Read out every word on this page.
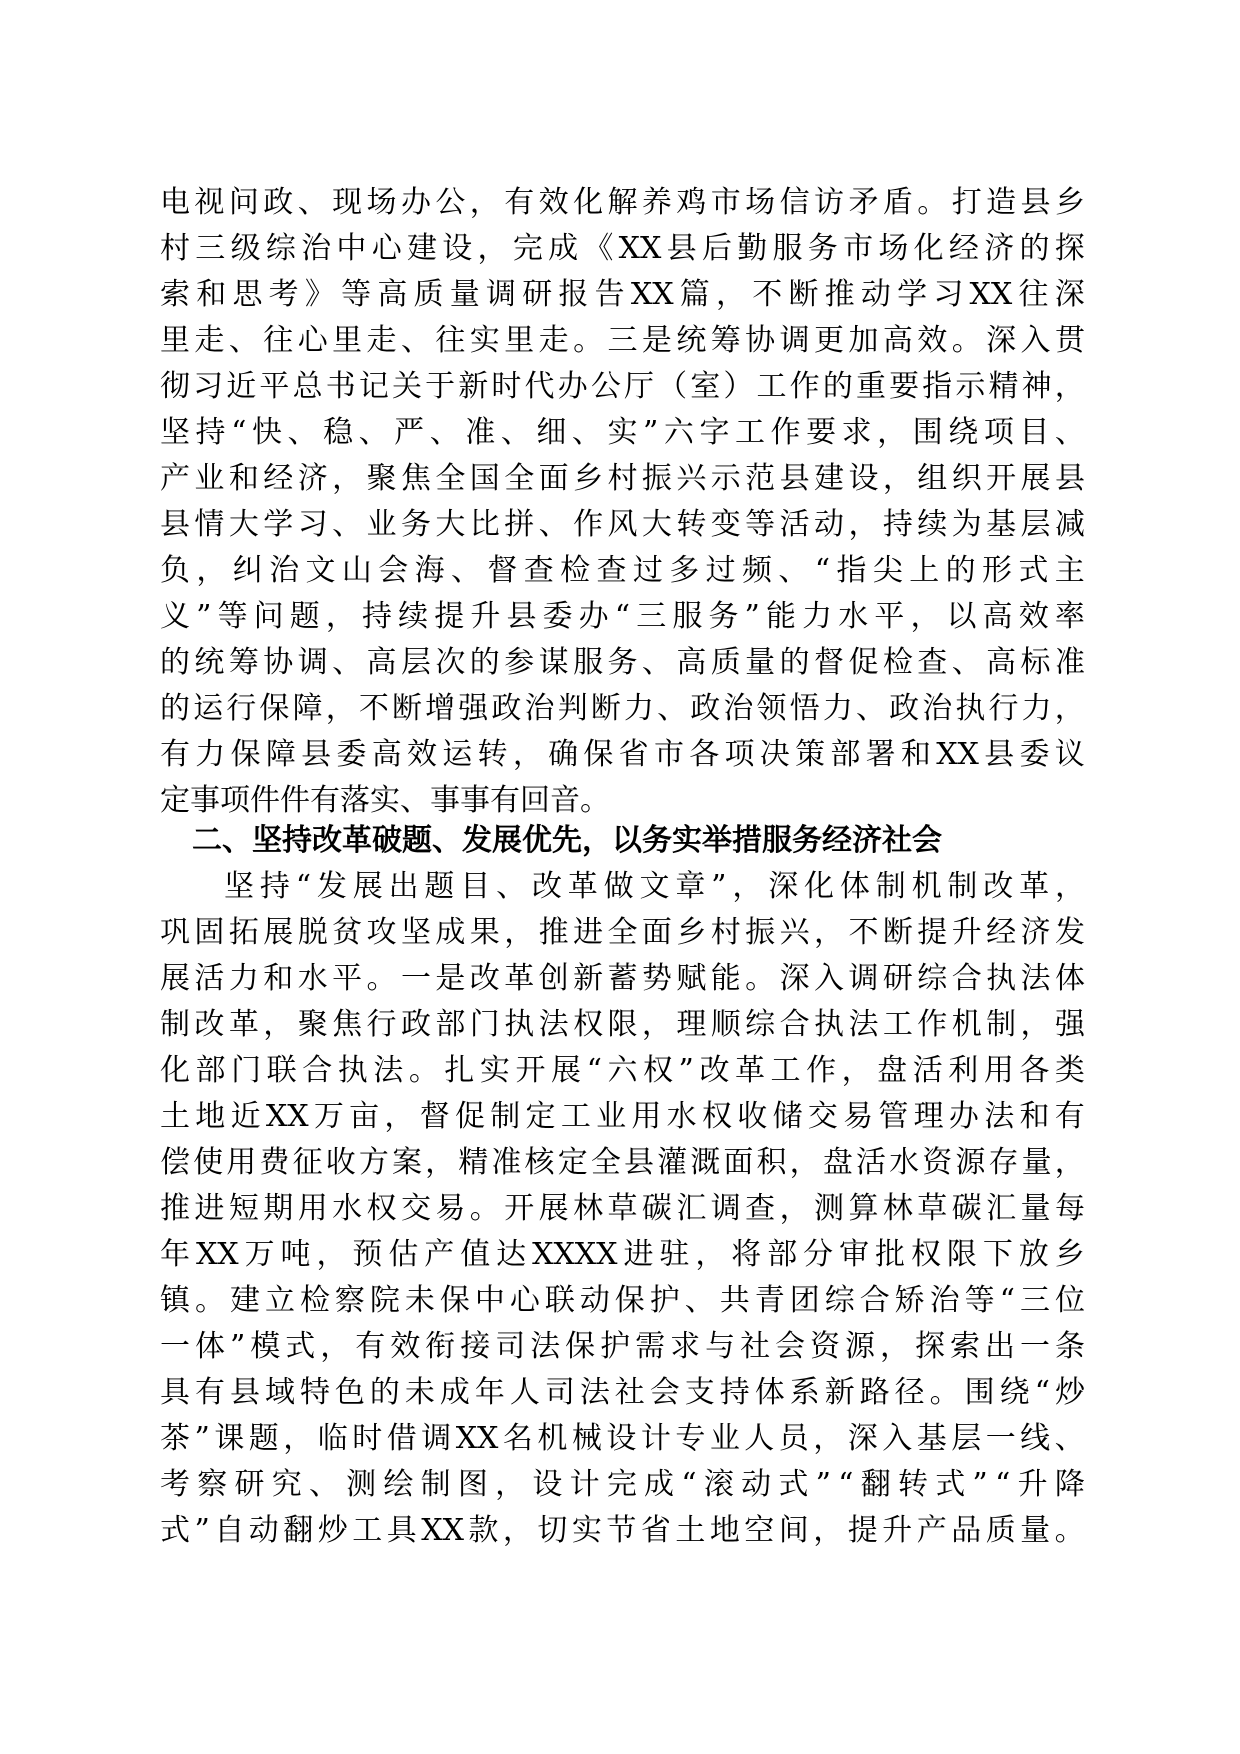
电 视 问 政 、 现 场 办 公 ， 有 效 化 解 养 鸡 市 场 信 访 矛 盾 。 打 造 县 乡
村 三 级 综 治 中 心 建 设 ， 完 成 《 XX 县 后 勤 服 务 市 场 化 经 济 的 探
索 和 思 考 》 等 高 质 量 调 研 报 告 XX 篇 ， 不 断 推 动 学 习 XX 往 深
里 走 、 往 心 里 走 、 往 实 里 走 。 三 是 统 筹 协 调 更 加 高 效 。 深 入 贯
彻 习 近 平 总 书 记 关 于 新 时 代 办 公 厅 （ 室 ） 工 作 的 重 要 指 示 精 神 ，
坚 持 “ 快 、 稳 、 严 、 准 、 细 、 实 ” 六 字 工 作 要 求 ， 围 绕 项 目 、
产 业 和 经 济 ， 聚 焦 全 国 全 面 乡 村 振 兴 示 范 县 建 设 ， 组 织 开 展 县
县 情 大 学 习 、 业 务 大 比 拼 、 作 风 大 转 变 等 活 动 ， 持 续 为 基 层 减
负 ， 纠 治 文 山 会 海 、 督 查 检 查 过 多 过 频 、 “ 指 尖 上 的 形 式 主
义 ” 等 问 题 ， 持 续 提 升 县 委 办 “ 三 服 务 ” 能 力 水 平 ， 以 高 效 率
的 统 筹 协 调 、 高 层 次 的 参 谋 服 务 、 高 质 量 的 督 促 检 查 、 高 标 准
的 运 行 保 障 ， 不 断 增 强 政 治 判 断 力 、 政 治 领 悟 力 、 政 治 执 行 力 ，
有 力 保 障 县 委 高 效 运 转 ， 确 保 省 市 各 项 决 策 部 署 和 XX 县 委 议
定事项件件有落实、事事有回音。
二、坚持改革破题、发展优先，以务实举措服务经济社会
坚 持 “ 发 展 出 题 目 、 改 革 做 文 章 ” ， 深 化 体 制 机 制 改 革 ，
巩 固 拓 展 脱 贫 攻 坚 成 果 ， 推 进 全 面 乡 村 振 兴 ， 不 断 提 升 经 济 发
展 活 力 和 水 平 。 一 是 改 革 创 新 蓄 势 赋 能 。 深 入 调 研 综 合 执 法 体
制 改 革 ， 聚 焦 行 政 部 门 执 法 权 限 ， 理 顺 综 合 执 法 工 作 机 制 ， 强
化 部 门 联 合 执 法 。 扎 实 开 展 “ 六 权 ” 改 革 工 作 ， 盘 活 利 用 各 类
土 地 近 XX 万 亩 ， 督 促 制 定 工 业 用 水 权 收 储 交 易 管 理 办 法 和 有
偿 使 用 费 征 收 方 案 ， 精 准 核 定 全 县 灌 溉 面 积 ， 盘 活 水 资 源 存 量 ，
推 进 短 期 用 水 权 交 易 。 开 展 林 草 碳 汇 调 查 ， 测 算 林 草 碳 汇 量 每
年 XX 万 吨 ， 预 估 产 值 达 XXXX 进 驻 ， 将 部 分 审 批 权 限 下 放 乡
镇 。 建 立 检 察 院 未 保 中 心 联 动 保 护 、 共 青 团 综 合 矫 治 等 “ 三 位
一 体 ” 模 式 ， 有 效 衔 接 司 法 保 护 需 求 与 社 会 资 源 ， 探 索 出 一 条
具 有 县 域 特 色 的 未 成 年 人 司 法 社 会 支 持 体 系 新 路 径 。 围 绕 “ 炒
茶 ” 课 题 ， 临 时 借 调 XX 名 机 械 设 计 专 业 人 员 ， 深 入 基 层 一 线 、
考 察 研 究 、 测 绘 制 图 ， 设 计 完 成 “ 滚 动 式 ” “ 翻 转 式 ” “ 升 降
式 ” 自 动 翻 炒 工 具 XX 款 ， 切 实 节 省 土 地 空 间 ， 提 升 产 品 质 量 。
